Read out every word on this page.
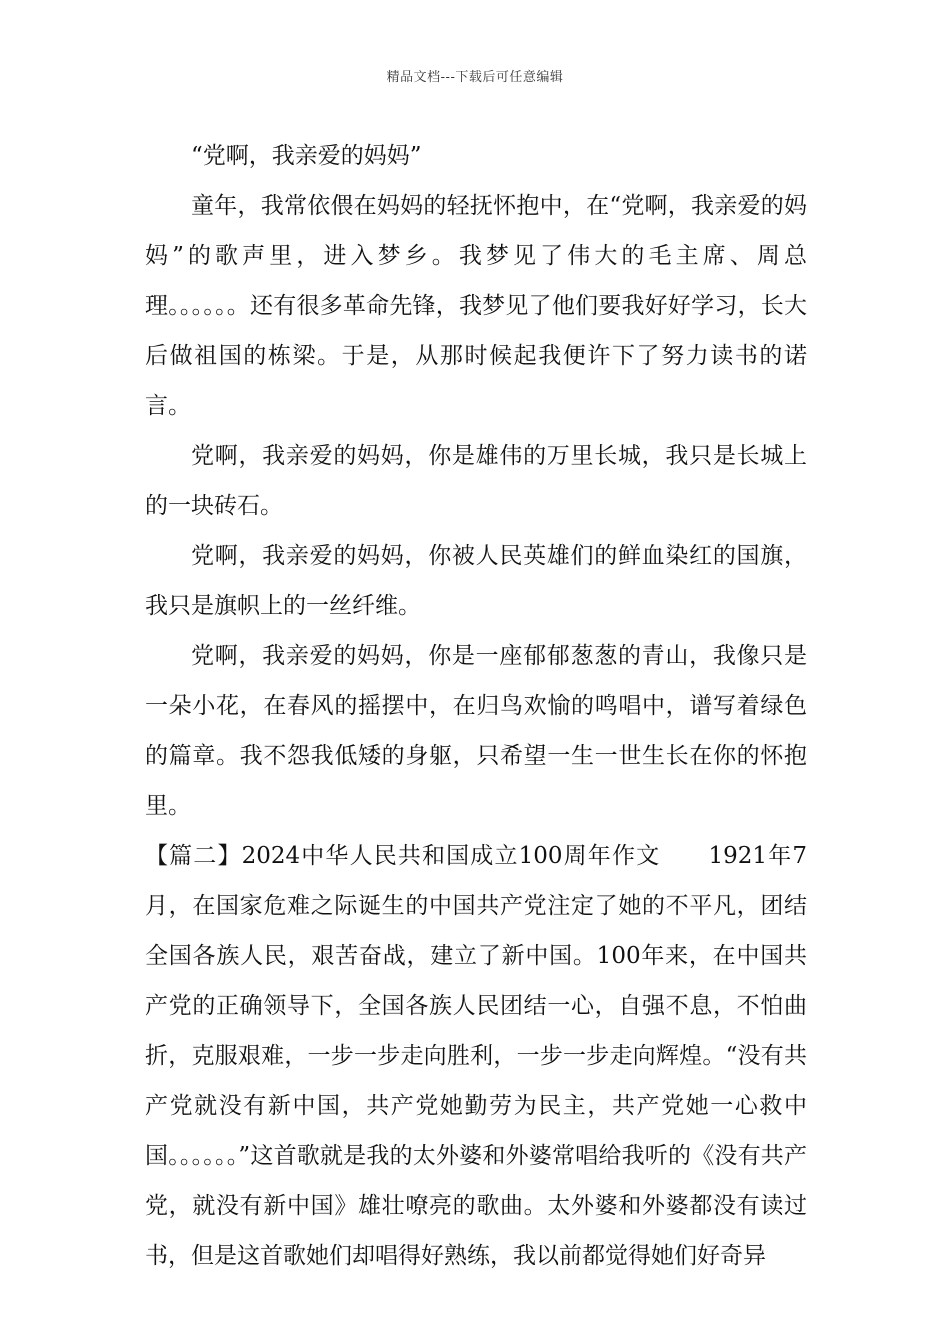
精品文档---下载后可任意编辑

“党啊，我亲爱的妈妈”

童年，我常依偎在妈妈的轻抚怀抱中，在“党啊，我亲爱的妈妈”的歌声里，进入梦乡。我梦见了伟大的毛主席、周总理。。。。。。还有很多革命先锋，我梦见了他们要我好好学习，长大后做祖国的栋梁。于是，从那时候起我便许下了努力读书的诺言。

党啊，我亲爱的妈妈，你是雄伟的万里长城，我只是长城上的一块砖石。

党啊，我亲爱的妈妈，你被人民英雄们的鲜血染红的国旗，我只是旗帜上的一丝纤维。

党啊，我亲爱的妈妈，你是一座郁郁葱葱的青山，我像只是一朵小花，在春风的摇摆中，在归鸟欢愉的鸣唱中，谱写着绿色的篇章。我不怨我低矮的身躯，只希望一生一世生长在你的怀抱里。

【篇二】2024中华人民共和国成立100周年作文　　1921年7月，在国家危难之际诞生的中国共产党注定了她的不平凡，团结全国各族人民，艰苦奋战，建立了新中国。100年来，在中国共产党的正确领导下，全国各族人民团结一心，自强不息，不怕曲折，克服艰难，一步一步走向胜利，一步一步走向辉煌。“没有共产党就没有新中国，共产党她勤劳为民主，共产党她一心救中国。。。。。。”这首歌就是我的太外婆和外婆常唱给我听的《没有共产党，就没有新中国》雄壮嘹亮的歌曲。太外婆和外婆都没有读过书，但是这首歌她们却唱得好熟练，我以前都觉得她们好奇异
